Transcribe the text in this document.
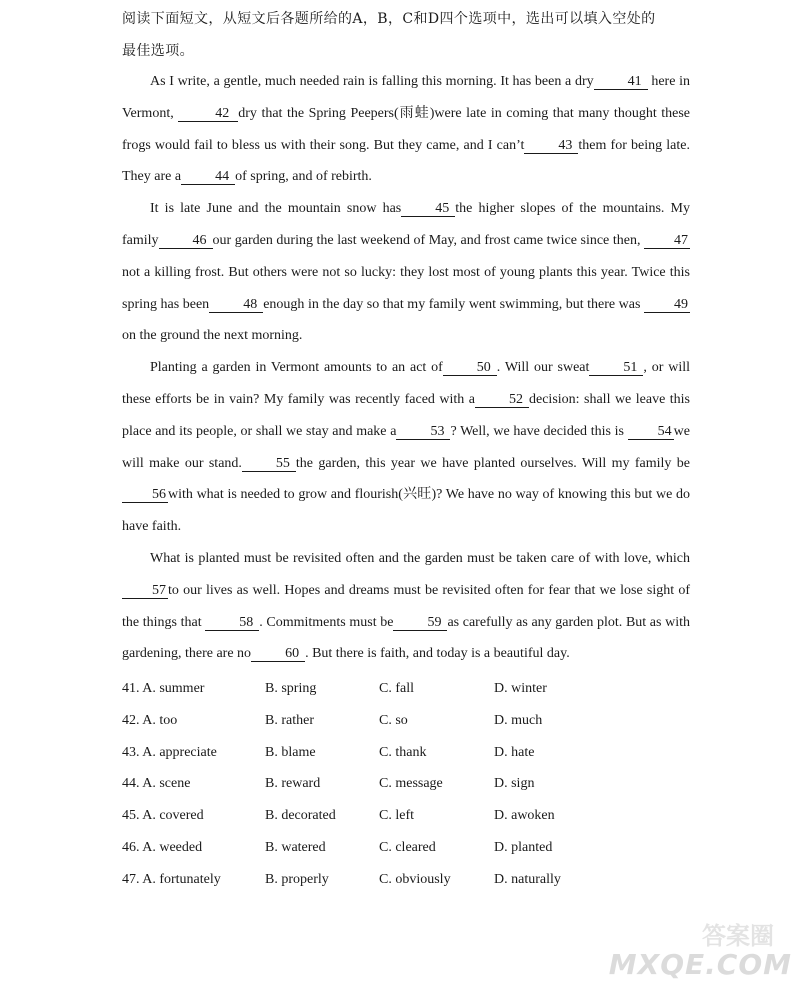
阅读下面短文，从短文后各题所给的A，B，C和D四个选项中，选出可以填入空处的
最佳选项。

As I write, a gentle, much needed rain is falling this morning. It has been a dry 41 here in Vermont,	42 dry that the Spring Peepers(雨蛙)were late in coming that many thought these frogs would fail to bless us with their song. But they came, and I can’t 43 them for being late. They are a 44 of spring, and of rebirth.

It is late June and the mountain snow has 45 the higher slopes of the mountains. My family 46 our garden during the last weekend of May, and frost came twice since then, 47 not a killing frost. But others were not so lucky: they lost most of young plants this year. Twice this spring has been 48 enough in the day so that my family went swimming, but there was 49on the ground the next morning.

Planting a garden in Vermont amounts to an act of 50 . Will our sweat 51 , or will these efforts be in vain? My family was recently faced with a 52 decision: shall we leave this place and its people, or shall we stay and make a 53 ? Well, we have decided this is 54 we will make our stand. 55 the garden, this year we have planted ourselves. Will my family be 56 with what is needed to grow and flourish(兴旺)? We have no way of knowing this but we do have faith.

What is planted must be revisited often and the garden must be taken care of with love, which 57 to our lives as well. Hopes and dreams must be revisited often for fear that we lose sight of the things that 58 . Commitments must be 59 as carefully as any garden plot. But as with gardening, there are no 60 . But there is faith, and today is a beautiful day.

41. A. summer	B. spring	C. fall	D. winter
42. A. too	B. rather	C. so	D. much
43. A. appreciate	B. blame	C. thank	D. hate
44. A. scene	B. reward	C. message	D. sign
45. A. covered	B. decorated	C. left	D. awoken
46. A. weeded	B. watered	C. cleared	D. planted
47. A. fortunately	B. properly	C. obviously	D. naturally
答案圈
MXQE.COM
